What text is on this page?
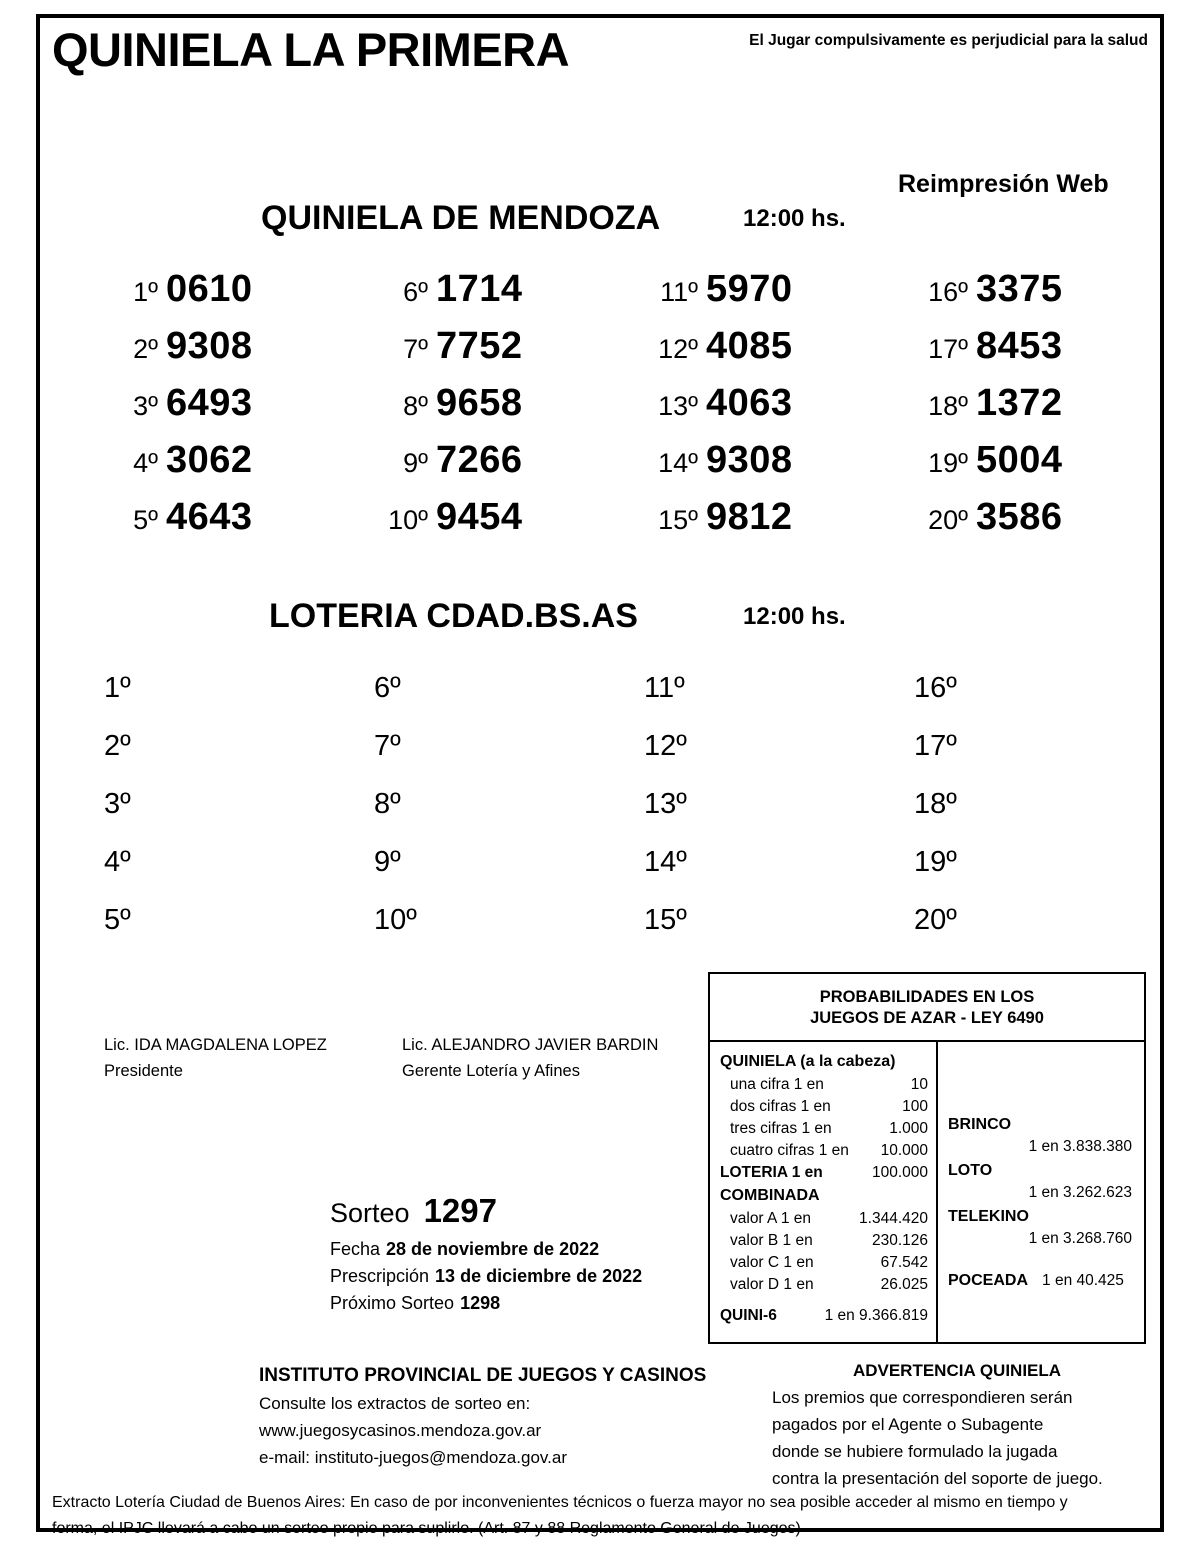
QUINIELA LA PRIMERA	El Jugar compulsivamente es perjudicial para la salud
Reimpresión Web
QUINIELA DE MENDOZA	12:00 hs.
1º 0610	6º 1714	11º 5970	16º 3375
2º 9308	7º 7752	12º 4085	17º 8453
3º 6493	8º 9658	13º 4063	18º 1372
4º 3062	9º 7266	14º 9308	19º 5004
5º 4643	10º 9454	15º 9812	20º 3586
LOTERIA CDAD.BS.AS	12:00 hs.
1º	6º	11º	16º
2º	7º	12º	17º
3º	8º	13º	18º
4º	9º	14º	19º
5º	10º	15º	20º
Lic. IDA MAGDALENA LOPEZ
Presidente
Lic. ALEJANDRO JAVIER BARDIN
Gerente Lotería y Afines
Sorteo 1297
Fecha 28 de noviembre de 2022
Prescripción 13 de diciembre de 2022
Próximo Sorteo 1298
PROBABILIDADES EN LOS
JUEGOS DE AZAR - LEY 6490
QUINIELA (a la cabeza)
una cifra 1 en	10
dos cifras 1 en	100
tres cifras 1 en	1.000
cuatro cifras 1 en 10.000
LOTERIA 1 en	100.000
COMBINADA
valor A 1 en	1.344.420
valor B 1 en	230.126
valor C 1 en	67.542
valor D 1 en	26.025
QUINI-6	1 en 9.366.819
BRINCO
1 en 3.838.380
LOTO
1 en 3.262.623
TELEKINO
1 en 3.268.760
POCEADA 1 en 40.425
INSTITUTO PROVINCIAL DE JUEGOS Y CASINOS
Consulte los extractos de sorteo en:
www.juegosycasinos.mendoza.gov.ar
e-mail: instituto-juegos@mendoza.gov.ar
ADVERTENCIA QUINIELA
Los premios que correspondieren serán
pagados por el Agente o Subagente
donde se hubiere formulado la jugada
contra la presentación del soporte de juego.
Extracto Lotería Ciudad de Buenos Aires: En caso de por inconvenientes técnicos o fuerza mayor no sea posible acceder al mismo en tiempo y
forma, el IPJC llevará a cabo un sorteo propio para suplirlo. (Art. 87 y 88 Reglamento General de Juegos)
